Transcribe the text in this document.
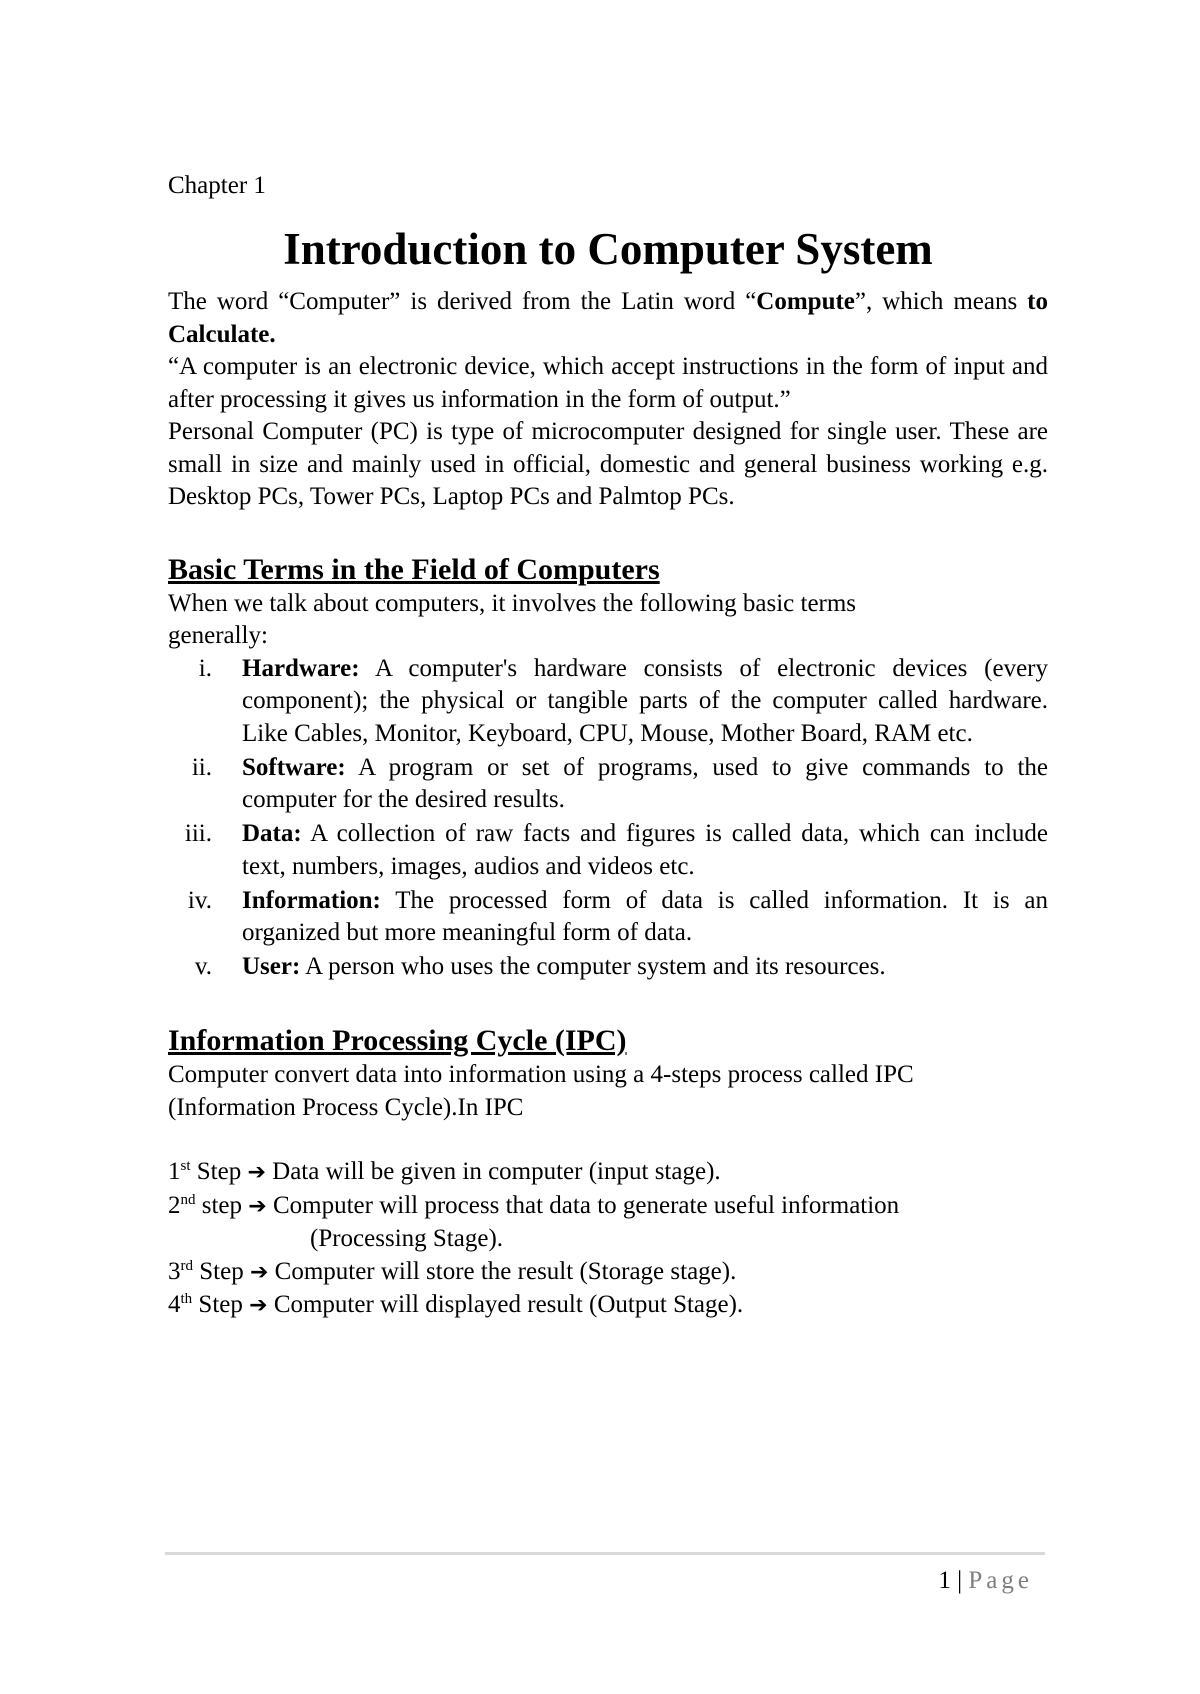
Chapter 1

Introduction to Computer System

The word “Computer” is derived from the Latin word “Compute”, which means to Calculate.

“A computer is an electronic device, which accept instructions in the form of input and after processing it gives us information in the form of output.”

Personal Computer (PC) is type of microcomputer designed for single user. These are small in size and mainly used in official, domestic and general business working e.g. Desktop PCs, Tower PCs, Laptop PCs and Palmtop PCs.

Basic Terms in the Field of Computers

When we talk about computers, it involves the following basic terms generally:

i.	Hardware: A computer's hardware consists of electronic devices (every component); the physical or tangible parts of the computer called hardware. Like Cables, Monitor, Keyboard, CPU, Mouse, Mother Board, RAM etc.
ii.	Software: A program or set of programs, used to give commands to the computer for the desired results.
iii.	Data: A collection of raw facts and figures is called data, which can include text, numbers, images, audios and videos etc.
iv.	Information: The processed form of data is called information. It is an organized but more meaningful form of data.
v.	User: A person who uses the computer system and its resources.
Information Processing Cycle (IPC)

Computer convert data into information using a 4-steps process called IPC (Information Process Cycle).In IPC

1st Step ➔ Data will be given in computer (input stage).

2nd step ➔ Computer will process that data to generate useful information

(Processing Stage).

3rd Step ➔ Computer will store the result (Storage stage).

4th Step ➔ Computer will displayed result (Output Stage).

1 | Page
